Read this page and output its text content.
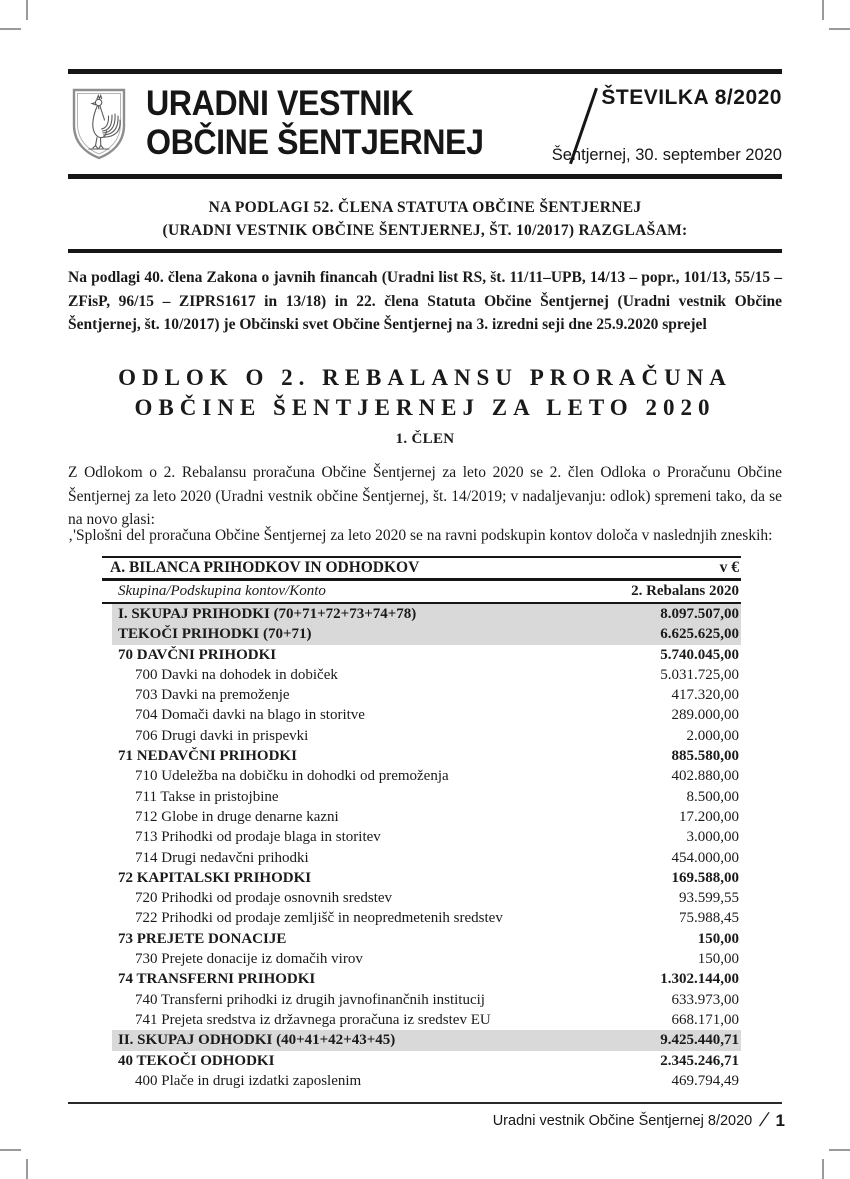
URADNI VESTNIK
OBČINE ŠENTJERNEJ
ŠTEVILKA 8/2020
Šentjernej, 30. september 2020
NA PODLAGI 52. ČLENA STATUTA OBČINE ŠENTJERNEJ
(URADNI VESTNIK OBČINE ŠENTJERNEJ, ŠT. 10/2017) RAZGLAŠAM:
Na podlagi 40. člena Zakona o javnih financah (Uradni list RS, št. 11/11–UPB, 14/13 – popr., 101/13, 55/15 – ZFisP, 96/15 – ZIPRS1617 in 13/18) in 22. člena Statuta Občine Šentjernej (Uradni vestnik Občine Šentjernej, št. 10/2017) je Občinski svet Občine Šentjernej na 3. izredni seji dne 25.9.2020 sprejel
ODLOK O 2. REBALANSU PRORAČUNA
OBČINE ŠENTJERNEJ ZA LETO 2020
1. ČLEN
Z Odlokom o 2. Rebalansu proračuna Občine Šentjernej za leto 2020 se 2. člen Odloka o Proračunu Občine Šentjernej za leto 2020 (Uradni vestnik občine Šentjernej, št. 14/2019; v nadaljevanju: odlok) spremeni tako, da se na novo glasi:
‚'Splošni del proračuna Občine Šentjernej za leto 2020 se na ravni podskupin kontov določa v naslednjih zneskih:
A. BILANCA PRIHODKOV IN ODHODKOV	v €
Skupina/Podskupina kontov/Konto	2. Rebalans 2020
I. SKUPAJ PRIHODKI (70+71+72+73+74+78)	8.097.507,00
TEKOČI PRIHODKI (70+71)	6.625.625,00
70 DAVČNI PRIHODKI	5.740.045,00
700 Davki na dohodek in dobiček	5.031.725,00
703 Davki na premoženje	417.320,00
704 Domači davki na blago in storitve	289.000,00
706 Drugi davki in prispevki	2.000,00
71 NEDAVČNI PRIHODKI	885.580,00
710 Udeležba na dobičku in dohodki od premoženja	402.880,00
711 Takse in pristojbine	8.500,00
712 Globe in druge denarne kazni	17.200,00
713 Prihodki od prodaje blaga in storitev	3.000,00
714 Drugi nedavčni prihodki	454.000,00
72 KAPITALSKI PRIHODKI	169.588,00
720 Prihodki od prodaje osnovnih sredstev	93.599,55
722 Prihodki od prodaje zemljišč in neopredmetenih sredstev	75.988,45
73 PREJETE DONACIJE	150,00
730 Prejete donacije iz domačih virov	150,00
74 TRANSFERNI PRIHODKI	1.302.144,00
740 Transferni prihodki iz drugih javnofinančnih institucij	633.973,00
741 Prejeta sredstva iz državnega proračuna iz sredstev EU	668.171,00
II. SKUPAJ ODHODKI (40+41+42+43+45)	9.425.440,71
40 TEKOČI ODHODKI	2.345.246,71
400 Plače in drugi izdatki zaposlenim	469.794,49
Uradni vestnik Občine Šentjernej 8/2020 / 1
